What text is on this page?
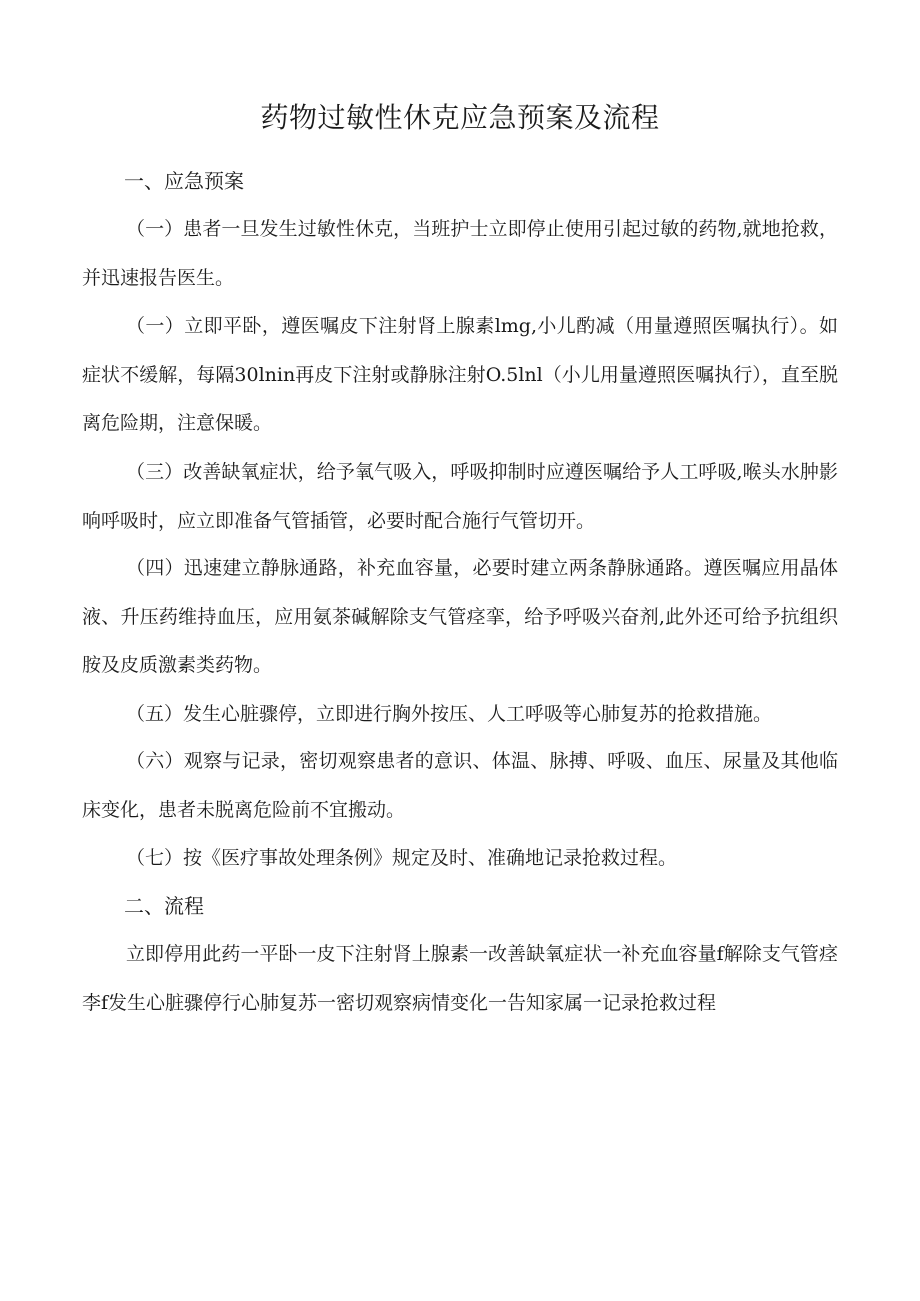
药物过敏性休克应急预案及流程
一、应急预案

（一）患者一旦发生过敏性休克，当班护士立即停止使用引起过敏的药物,就地抢救，并迅速报告医生。

（一）立即平卧，遵医嘱皮下注射肾上腺素lmg,小儿酌减（用量遵照医嘱执行）。如症状不缓解，每隔30lnin再皮下注射或静脉注射O.5lnl（小儿用量遵照医嘱执行），直至脱离危险期，注意保暖。

（三）改善缺氧症状，给予氧气吸入，呼吸抑制时应遵医嘱给予人工呼吸,喉头水肿影响呼吸时，应立即准备气管插管，必要时配合施行气管切开。

（四）迅速建立静脉通路，补充血容量，必要时建立两条静脉通路。遵医嘱应用晶体液、升压药维持血压，应用氨茶碱解除支气管痉挛，给予呼吸兴奋剂,此外还可给予抗组织胺及皮质激素类药物。

（五）发生心脏骤停，立即进行胸外按压、人工呼吸等心肺复苏的抢救措施。

（六）观察与记录，密切观察患者的意识、体温、脉搏、呼吸、血压、尿量及其他临床变化，患者未脱离危险前不宜搬动。

（七）按《医疗事故处理条例》规定及时、准确地记录抢救过程。

二、流程

立即停用此药一平卧一皮下注射肾上腺素一改善缺氧症状一补充血容量f解除支气管痉李f发生心脏骤停行心肺复苏一密切观察病情变化一告知家属一记录抢救过程
